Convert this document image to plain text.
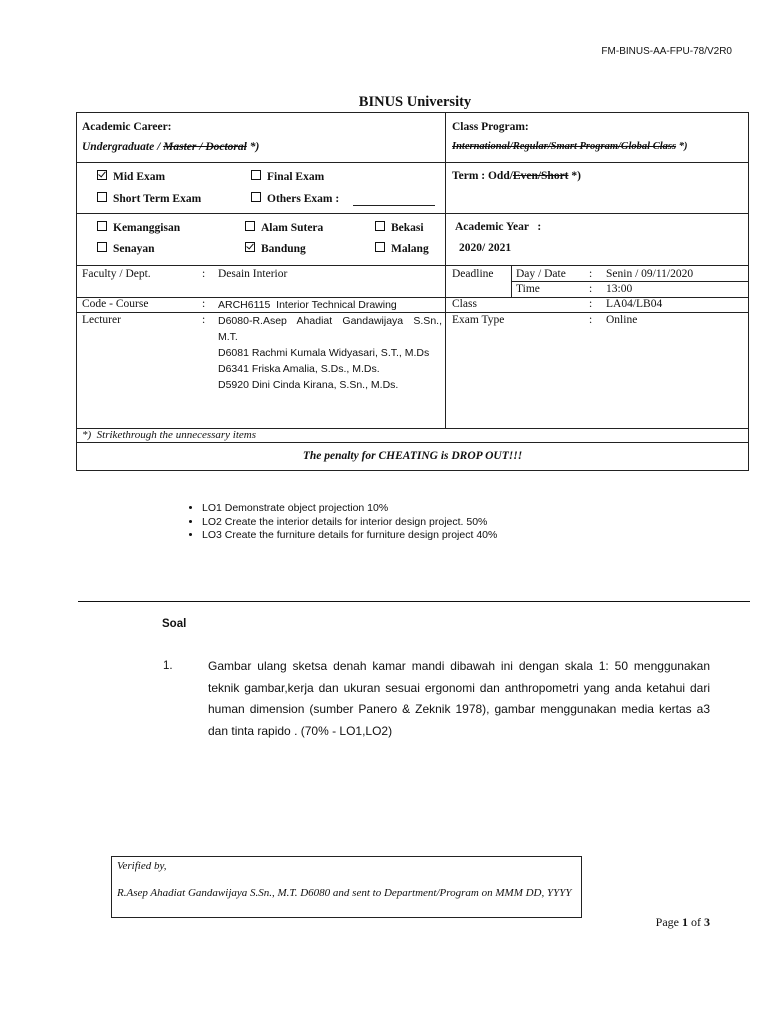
FM-BINUS-AA-FPU-78/V2R0
BINUS University
Academic Career:
Undergraduate / Master / Doctoral *)
Class Program:
International/Regular/Smart Program/Global Class *)
Mid Exam	Final Exam
Short Term Exam	Others Exam :
Term : Odd/Even/Short *)
Kemanggisan	Alam Sutera	Bekasi
Senayan	Bandung	Malang
Academic Year   :
2020/ 2021
Faculty / Dept.	: Desain Interior	Deadline Day / Date : Senin / 09/11/2020
Time	: 13:00
Code - Course	: ARCH6115  Interior Technical Drawing	Class	: LA04/LB04
Lecturer	: D6080-R.Asep Ahadiat Gandawijaya S.Sn., M.T.
D6081 Rachmi Kumala Widyasari, S.T., M.Ds
D6341 Friska Amalia, S.Ds., M.Ds.
D5920 Dini Cinda Kirana, S.Sn., M.Ds.
Exam Type	: Online
*)  Strikethrough the unnecessary items
The penalty for CHEATING is DROP OUT!!!
• LO1 Demonstrate object projection 10%
• LO2 Create the interior details for interior design project. 50%
• LO3 Create the furniture details for furniture design project 40%
Soal
1.	Gambar ulang sketsa denah kamar mandi dibawah ini dengan skala 1: 50 menggunakan teknik gambar,kerja dan ukuran sesuai ergonomi dan anthropometri yang anda ketahui dari human dimension (sumber Panero & Zeknik 1978), gambar menggunakan media kertas a3 dan tinta rapido . (70% - LO1,LO2)
Verified by,
R.Asep Ahadiat Gandawijaya S.Sn., M.T. D6080 and sent to Department/Program on MMM DD, YYYY
Page 1 of 3
